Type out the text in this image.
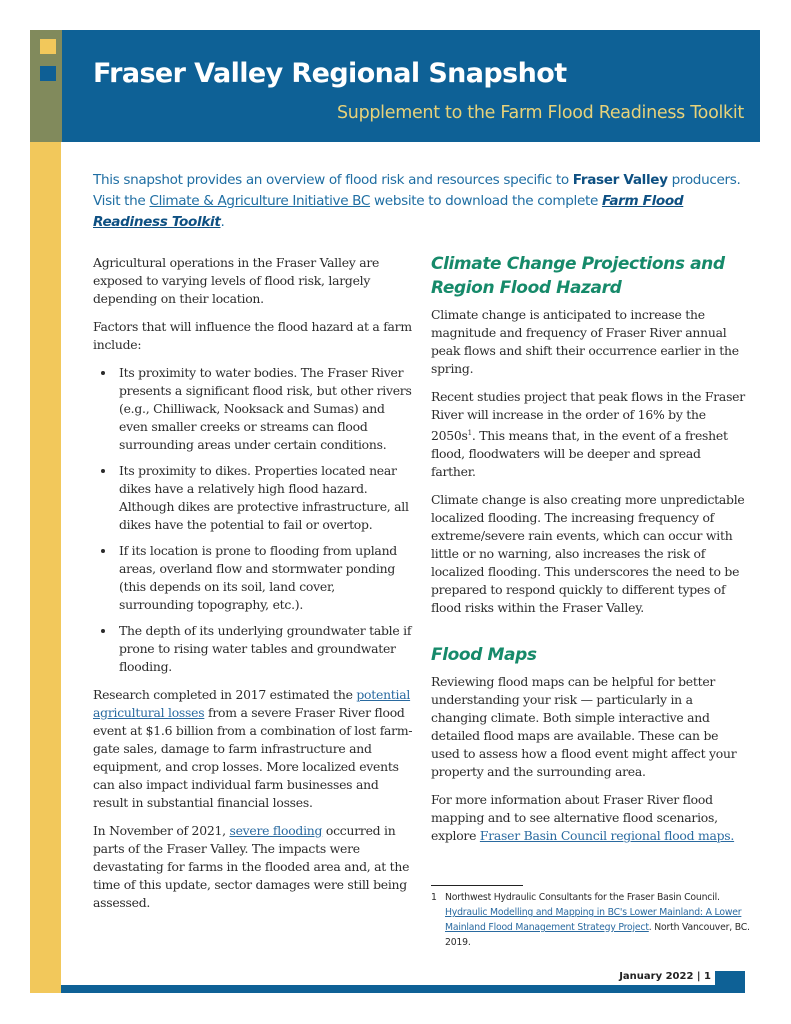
Fraser Valley Regional Snapshot
Supplement to the Farm Flood Readiness Toolkit
This snapshot provides an overview of flood risk and resources specific to Fraser Valley producers. Visit the Climate & Agriculture Initiative BC website to download the complete Farm Flood Readiness Toolkit.

Agricultural operations in the Fraser Valley are exposed to varying levels of flood risk, largely depending on their location.

Factors that will influence the flood hazard at a farm include:

• Its proximity to water bodies. The Fraser River presents a significant flood risk, but other rivers (e.g., Chilliwack, Nooksack and Sumas) and even smaller creeks or streams can flood surrounding areas under certain conditions.
• Its proximity to dikes. Properties located near dikes have a relatively high flood hazard. Although dikes are protective infrastructure, all dikes have the potential to fail or overtop.
• If its location is prone to flooding from upland areas, overland flow and stormwater ponding (this depends on its soil, land cover, surrounding topography, etc.).
• The depth of its underlying groundwater table if prone to rising water tables and groundwater flooding.

Research completed in 2017 estimated the potential agricultural losses from a severe Fraser River flood event at $1.6 billion from a combination of lost farm-gate sales, damage to farm infrastructure and equipment, and crop losses. More localized events can also impact individual farm businesses and result in substantial financial losses.

In November of 2021, severe flooding occurred in parts of the Fraser Valley. The impacts were devastating for farms in the flooded area and, at the time of this update, sector damages were still being assessed.

Climate Change Projections and Region Flood Hazard

Climate change is anticipated to increase the magnitude and frequency of Fraser River annual peak flows and shift their occurrence earlier in the spring.

Recent studies project that peak flows in the Fraser River will increase in the order of 16% by the $2050s^1$. This means that, in the event of a freshet flood, floodwaters will be deeper and spread farther.

Climate change is also creating more unpredictable localized flooding. The increasing frequency of extreme/severe rain events, which can occur with little or no warning, also increases the risk of localized flooding. This underscores the need to be prepared to respond quickly to different types of flood risks within the Fraser Valley.

Flood Maps

Reviewing flood maps can be helpful for better understanding your risk — particularly in a changing climate. Both simple interactive and detailed flood maps are available. These can be used to assess how a flood event might affect your property and the surrounding area.

For more information about Fraser River flood mapping and to see alternative flood scenarios, explore Fraser Basin Council regional flood maps.

1 Northwest Hydraulic Consultants for the Fraser Basin Council. Hydraulic Modelling and Mapping in BC's Lower Mainland: A Lower Mainland Flood Management Strategy Project. North Vancouver, BC. 2019.
January 2022 | 1
